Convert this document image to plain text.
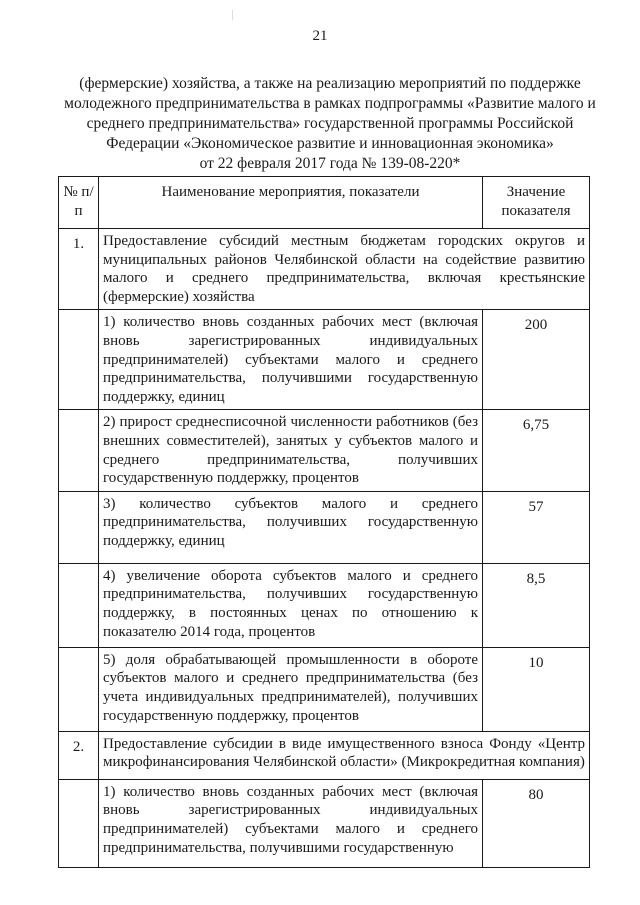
21
(фермерские) хозяйства, а также на реализацию мероприятий по поддержке
молодежного предпринимательства в рамках подпрограммы «Развитие малого и
среднего предпринимательства» государственной программы Российской
Федерации «Экономическое развитие и инновационная экономика»
от 22 февраля 2017 года № 139-08-220*
№ п/п	Наименование мероприятия, показатели	Значение показателя
1.	Предоставление субсидий местным бюджетам городских округов и муниципальных районов Челябинской области на содействие развитию малого и среднего предпринимательства, включая крестьянские (фермерские) хозяйства	
	1) количество вновь созданных рабочих мест (включая вновь зарегистрированных индивидуальных предпринимателей) субъектами малого и среднего предпринимательства, получившими государственную поддержку, единиц	200
	2) прирост среднесписочной численности работников (без внешних совместителей), занятых у субъектов малого и среднего предпринимательства, получивших государственную поддержку, процентов	6,75
	3) количество субъектов малого и среднего предпринимательства, получивших государственную поддержку, единиц	57
	4) увеличение оборота субъектов малого и среднего предпринимательства, получивших государственную поддержку, в постоянных ценах по отношению к показателю 2014 года, процентов	8,5
	5) доля обрабатывающей промышленности в обороте субъектов малого и среднего предпринимательства (без учета индивидуальных предпринимателей), получивших государственную поддержку, процентов	10
2.	Предоставление субсидии в виде имущественного взноса Фонду «Центр микрофинансирования Челябинской области» (Микрокредитная компания)	
	1) количество вновь созданных рабочих мест (включая вновь зарегистрированных индивидуальных предпринимателей) субъектами малого и среднего предпринимательства, получившими государственную	80
